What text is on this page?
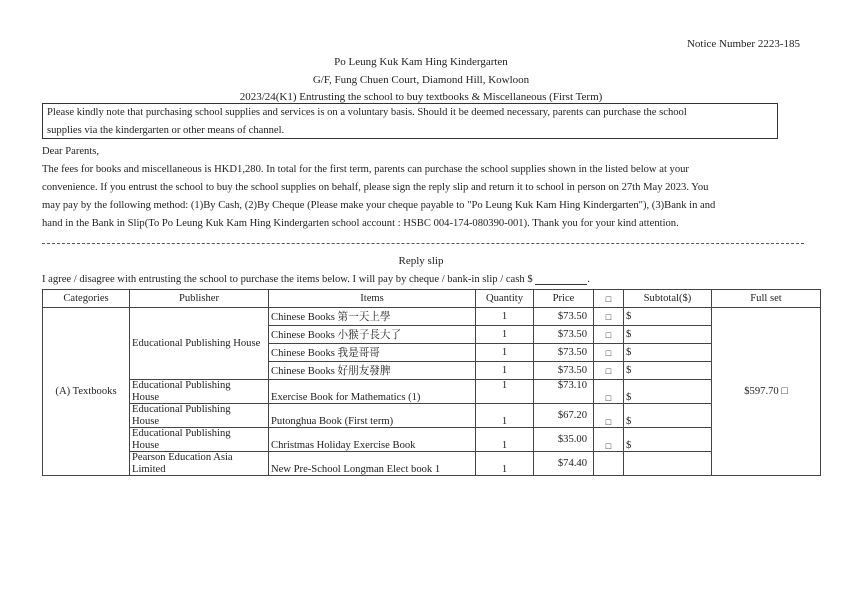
Notice Number 2223-185
Po Leung Kuk Kam Hing Kindergarten
G/F, Fung Chuen Court, Diamond Hill, Kowloon
2023/24(K1) Entrusting the school to buy textbooks & Miscellaneous (First Term)
Please kindly note that purchasing school supplies and services is on a voluntary basis. Should it be deemed necessary, parents can purchase the school
supplies via the kindergarten or other means of channel.
Dear Parents,
The fees for books and miscellaneous is HKD1,280. In total for the first term, parents can purchase the school supplies shown in the listed below at your
convenience. If you entrust the school to buy the school supplies on behalf, please sign the reply slip and return it to school in person on 27th May 2023. You
may pay by the following method: (1)By Cash, (2)By Cheque (Please make your cheque payable to "Po Leung Kuk Kam Hing Kindergarten"), (3)Bank in and
hand in the Bank in Slip(To Po Leung Kuk Kam Hing Kindergarten school account : HSBC 004-174-080390-001). Thank you for your kind attention.
Reply slip
I agree / disagree with entrusting the school to purchase the items below. I will pay by cheque / bank-in slip / cash $	.
Categories	Publisher	Items	Quantity	Price	□	Subtotal($)	Full set
(A) Textbooks	Educational Publishing House	Chinese Books 第一天上學	1	$73.50	□	$	$597.70 □
		Chinese Books 小猴子長大了	1	$73.50	□	$	
		Chinese Books 我是哥哥	1	$73.50	□	$	
		Chinese Books 好朋友發脾	1	$73.50	□	$	

	Educational Publishing
House	Exercise Book for Mathematics (1)	1	$73.10	□	$	

	Educational Publishing
House	Putonghua Book (First term)	1	$67.20	□	$	

	Educational Publishing
House	Christmas Holiday Exercise Book	1	$35.00	□	$	

	Pearson Education Asia
Limited	New Pre-School Longman Elect book 1	1	$74.40			
